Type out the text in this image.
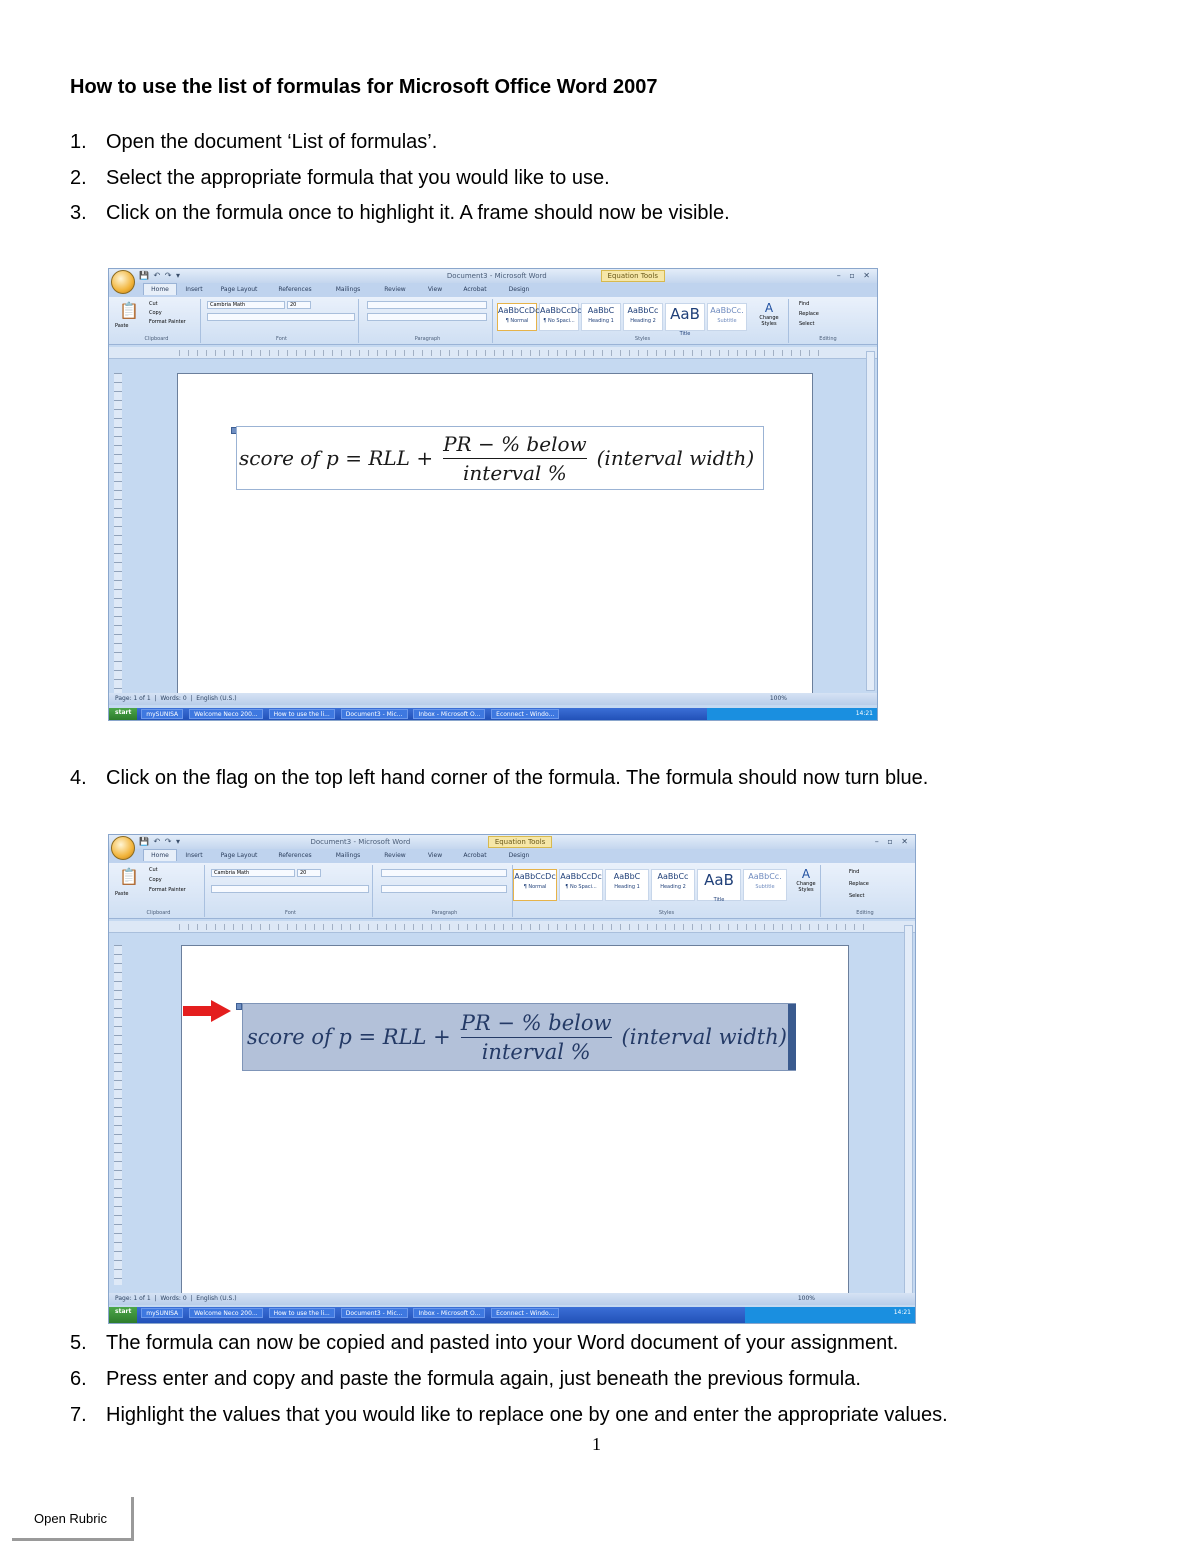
How to use the list of formulas for Microsoft Office Word 2007
1. Open the document ‘List of formulas’.
2. Select the appropriate formula that you would like to use.
3. Click on the formula once to highlight it. A frame should now be visible.
💾 ↶ ↷ ▾	Document3 - Microsoft Word	Equation Tools	– ▫ ✕
Home	Insert	Page Layout	References	Mailings	Review	View	Acrobat	Design
📋
Paste
Cut
Copy
Format Painter
Clipboard
Cambria Math	20
Font	Paragraph
AaBbCcDc
¶ Normal
AaBbCcDc
¶ No Spaci...
AaBbC
Heading 1
AaBbCc
Heading 2 AaB
Title
AaBbCc.
Subtitle
A
Change Styles
Styles
Find
Replace
Select
Editing
Page: 1 of 1  |  Words: 0  |  English (U.S.)	100%
start mySUNISA	Welcome Neco 200...	How to use the li...	Document3 - Mic...	Inbox - Microsoft O...	Econnect - Windo...	14:21
score of p = RLL + $\frac{\text{PR − \% below}}{\text{interval \%}}$ (interval width)
4. Click on the flag on the top left hand corner of the formula. The formula should now turn blue.
💾 ↶ ↷ ▾	Document3 - Microsoft Word	Equation Tools	– ▫ ✕
Home	Insert	Page Layout	References	Mailings	Review	View	Acrobat	Design
📋
Paste
Cut
Copy
Format Painter
Clipboard
Cambria Math	20
Font	Paragraph
AaBbCcDc
¶ Normal
AaBbCcDc
¶ No Spaci...
AaBbC
Heading 1
AaBbCc
Heading 2	AaB
Title
AaBbCc.
Subtitle
A
Change Styles
Styles
Find
Replace
Select
Editing
Page: 1 of 1  |  Words: 0  |  English (U.S.)	100%
start mySUNISA	Welcome Neco 200...	How to use the li...	Document3 - Mic...	Inbox - Microsoft O...	Econnect - Windo...	14:21
score of p = RLL + $\frac{\text{PR − \% below}}{\text{interval \%}}$ (interval width)
5. The formula can now be copied and pasted into your Word document of your assignment.
6. Press enter and copy and paste the formula again, just beneath the previous formula.
7. Highlight the values that you would like to replace one by one and enter the appropriate values.
1
Open Rubric
